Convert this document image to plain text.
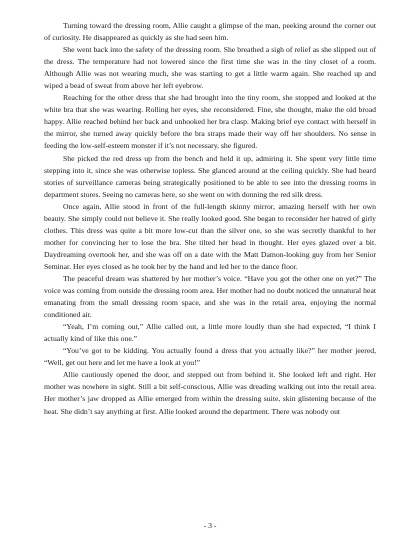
Turning toward the dressing room, Allie caught a glimpse of the man, peeking around the corner out of curiosity. He disappeared as quickly as she had seen him.

She went back into the safety of the dressing room. She breathed a sigh of relief as she slipped out of the dress. The temperature had not lowered since the first time she was in the tiny closet of a room. Although Allie was not wearing much, she was starting to get a little warm again. She reached up and wiped a bead of sweat from above her left eyebrow.

Reaching for the other dress that she had brought into the tiny room, she stopped and looked at the white bra that she was wearing. Rolling her eyes, she reconsidered. Fine, she thought, make the old broad happy. Allie reached behind her back and unhooked her bra clasp. Making brief eye contact with herself in the mirror, she turned away quickly before the bra straps made their way off her shoulders. No sense in feeding the low-self-esteem monster if it’s not necessary, she figured.

She picked the red dress up from the bench and held it up, admiring it. She spent very little time stepping into it, since she was otherwise topless. She glanced around at the ceiling quickly. She had heard stories of surveillance cameras being strategically positioned to be able to see into the dressing rooms in department stores. Seeing no cameras here, so she went on with donning the red silk dress.

Once again, Allie stood in front of the full-length skinny mirror, amazing herself with her own beauty. She simply could not believe it. She really looked good. She began to reconsider her hatred of girly clothes. This dress was quite a bit more low-cut than the silver one, so she was secretly thankful to her mother for convincing her to lose the bra. She tilted her head in thought. Her eyes glazed over a bit. Daydreaming overtook her, and she was off on a date with the Matt Damon-looking guy from her Senior Seminar. Her eyes closed as he took her by the hand and led her to the dance floor.

The peaceful dream was shattered by her mother’s voice. “Have you got the other one on yet?” The voice was coming from outside the dressing room area. Her mother had no doubt noticed the unnatural heat emanating from the small dressing room space, and she was in the retail area, enjoying the normal conditioned air.

“Yeah, I’m coming out,” Allie called out, a little more loudly than she had expected, “I think I actually kind of like this one.”

“You’ve got to be kidding. You actually found a dress that you actually like?” her mother jeered, “Well, get out here and let me have a look at you!”

Allie cautiously opened the door, and stepped out from behind it. She looked left and right. Her mother was nowhere in sight. Still a bit self-conscious, Allie was dreading walking out into the retail area. Her mother’s jaw dropped as Allie emerged from within the dressing suite, skin glistening because of the heat. She didn’t say anything at first. Allie looked around the department. There was nobody out

- 3 -
